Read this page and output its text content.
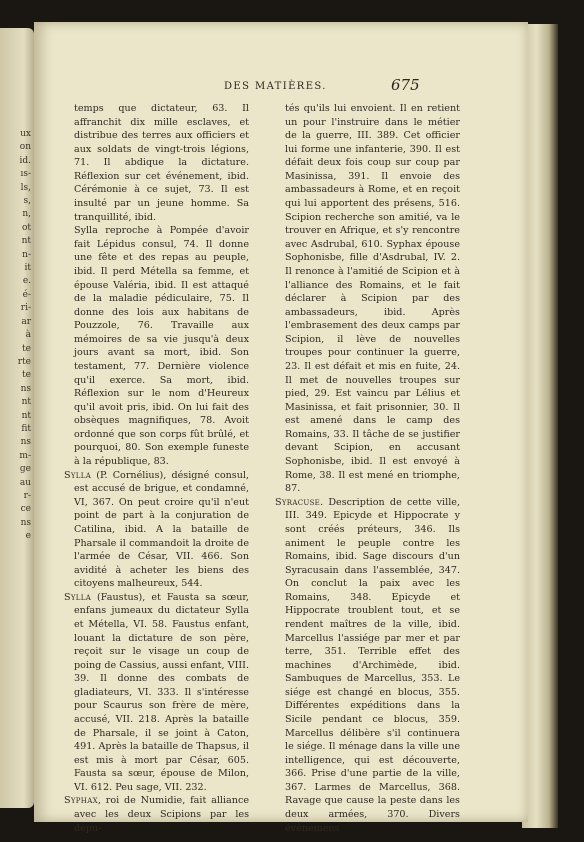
ux
on
id.
ıs-
ls,
s,
n,
ot
nt
n-
it
e.
é-
ri-
ar
à
te
rte
te
ns
nt
nt
fit
ns
m-
ge
au
r-
ce
ns
e
DES MATIÈRES.	675

temps que dictateur, 63. Il affranchit dix mille esclaves, et distribue des terres aux officiers et aux soldats de vingt-trois légions, 71. Il abdique la dictature. Réflexion sur cet événement, ibid. Cérémonie à ce sujet, 73. Il est insulté par un jeune homme. Sa tranquillité, ibid.

Sylla reproche à Pompée d'avoir fait Lépidus consul, 74. Il donne une fête et des repas au peuple, ibid. Il perd Métella sa femme, et épouse Valéria, ibid. Il est attaqué de la maladie pédiculaire, 75. Il donne des lois aux habitans de Pouzzole, 76. Travaille aux mémoires de sa vie jusqu'à deux jours avant sa mort, ibid. Son testament, 77. Dernière violence qu'il exerce. Sa mort, ibid. Réflexion sur le nom d'Heureux qu'il avoit pris, ibid. On lui fait des obsèques magnifiques, 78. Avoit ordonné que son corps fût brûlé, et pourquoi, 80. Son exemple funeste à la république, 83.

Sylla (P. Cornélius), désigné consul, est accusé de brigue, et condamné, VI, 367. On peut croire qu'il n'eut point de part à la conjuration de Catilina, ibid. A la bataille de Pharsale il commandoit la droite de l'armée de César, VII. 466. Son avidité à acheter les biens des citoyens malheureux, 544.

Sylla (Faustus), et Fausta sa sœur, enfans jumeaux du dictateur Sylla et Métella, VI. 58. Faustus enfant, louant la dictature de son père, reçoit sur le visage un coup de poing de Cassius, aussi enfant, VIII. 39. Il donne des combats de gladiateurs, VI. 333. Il s'intéresse pour Scaurus son frère de mère, accusé, VII. 218. Après la bataille de Pharsale, il se joint à Caton, 491. Après la bataille de Thapsus, il est mis à mort par César, 605. Fausta sa sœur, épouse de Milon, VI. 612. Peu sage, VII. 232.

Syphax, roi de Numidie, fait alliance avec les deux Scipions par les dépu-

tés qu'ils lui envoient. Il en retient un pour l'instruire dans le métier de la guerre, III. 389. Cet officier lui forme une infanterie, 390. Il est défait deux fois coup sur coup par Masinissa, 391. Il envoie des ambassadeurs à Rome, et en reçoit qui lui apportent des présens, 516. Scipion recherche son amitié, va le trouver en Afrique, et s'y rencontre avec Asdrubal, 610. Syphax épouse Sophonisbe, fille d'Asdrubal, IV. 2. Il renonce à l'amitié de Scipion et à l'alliance des Romains, et le fait déclarer à Scipion par des ambassadeurs, ibid. Après l'embrasement des deux camps par Scipion, il lève de nouvelles troupes pour continuer la guerre, 23. Il est défait et mis en fuite, 24. Il met de nouvelles troupes sur pied, 29. Est vaincu par Lélius et Masinissa, et fait prisonnier, 30. Il est amené dans le camp des Romains, 33. Il tâche de se justifier devant Scipion, en accusant Sophonisbe, ibid. Il est envoyé à Rome, 38. Il est mené en triomphe, 87.

Syracuse. Description de cette ville, III. 349. Epicyde et Hippocrate y sont créés préteurs, 346. Ils animent le peuple contre les Romains, ibid. Sage discours d'un Syracusain dans l'assemblée, 347. On conclut la paix avec les Romains, 348. Epicyde et Hippocrate troublent tout, et se rendent maîtres de la ville, ibid. Marcellus l'assiége par mer et par terre, 351. Terrible effet des machines d'Archimède, ibid. Sambuques de Marcellus, 353. Le siége est changé en blocus, 355. Différentes expéditions dans la Sicile pendant ce blocus, 359. Marcellus délibère s'il continuera le siége. Il ménage dans la ville une intelligence, qui est découverte, 366. Prise d'une partie de la ville, 367. Larmes de Marcellus, 368. Ravage que cause la peste dans les deux armées, 370. Divers événemens
